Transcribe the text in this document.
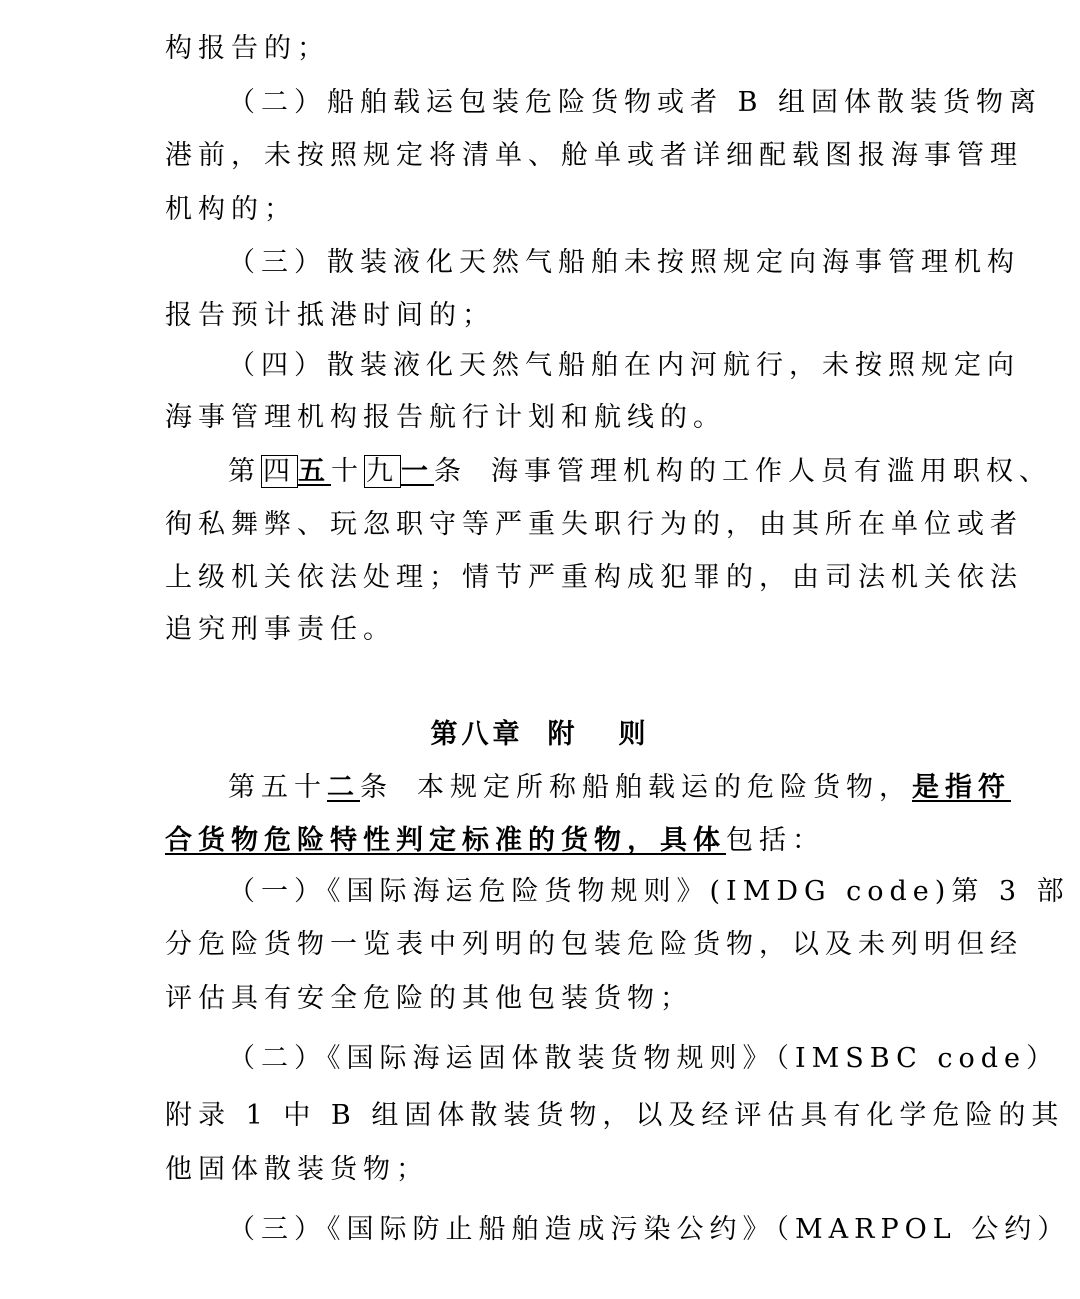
构报告的；

（二）船舶载运包装危险货物或者 B 组固体散装货物离

港前，未按照规定将清单、舱单或者详细配载图报海事管理

机构的；

（三）散装液化天然气船舶未按照规定向海事管理机构

报告预计抵港时间的；

（四）散装液化天然气船舶在内河航行，未按照规定向

海事管理机构报告航行计划和航线的。

第四五十九一条 海事管理机构的工作人员有滥用职权、

徇私舞弊、玩忽职守等严重失职行为的，由其所在单位或者

上级机关依法处理；情节严重构成犯罪的，由司法机关依法

追究刑事责任。

第八章 附 则

第五十二条 本规定所称船舶载运的危险货物，是指符

合货物危险特性判定标准的货物，具体包括：

（一）《国际海运危险货物规则》(IMDG code)第 3 部

分危险货物一览表中列明的包装危险货物，以及未列明但经

评估具有安全危险的其他包装货物；

（二）《国际海运固体散装货物规则》（IMSBC code）

附录 1 中 B 组固体散装货物，以及经评估具有化学危险的其

他固体散装货物；

（三）《国际防止船舶造成污染公约》（MARPOL 公约）
